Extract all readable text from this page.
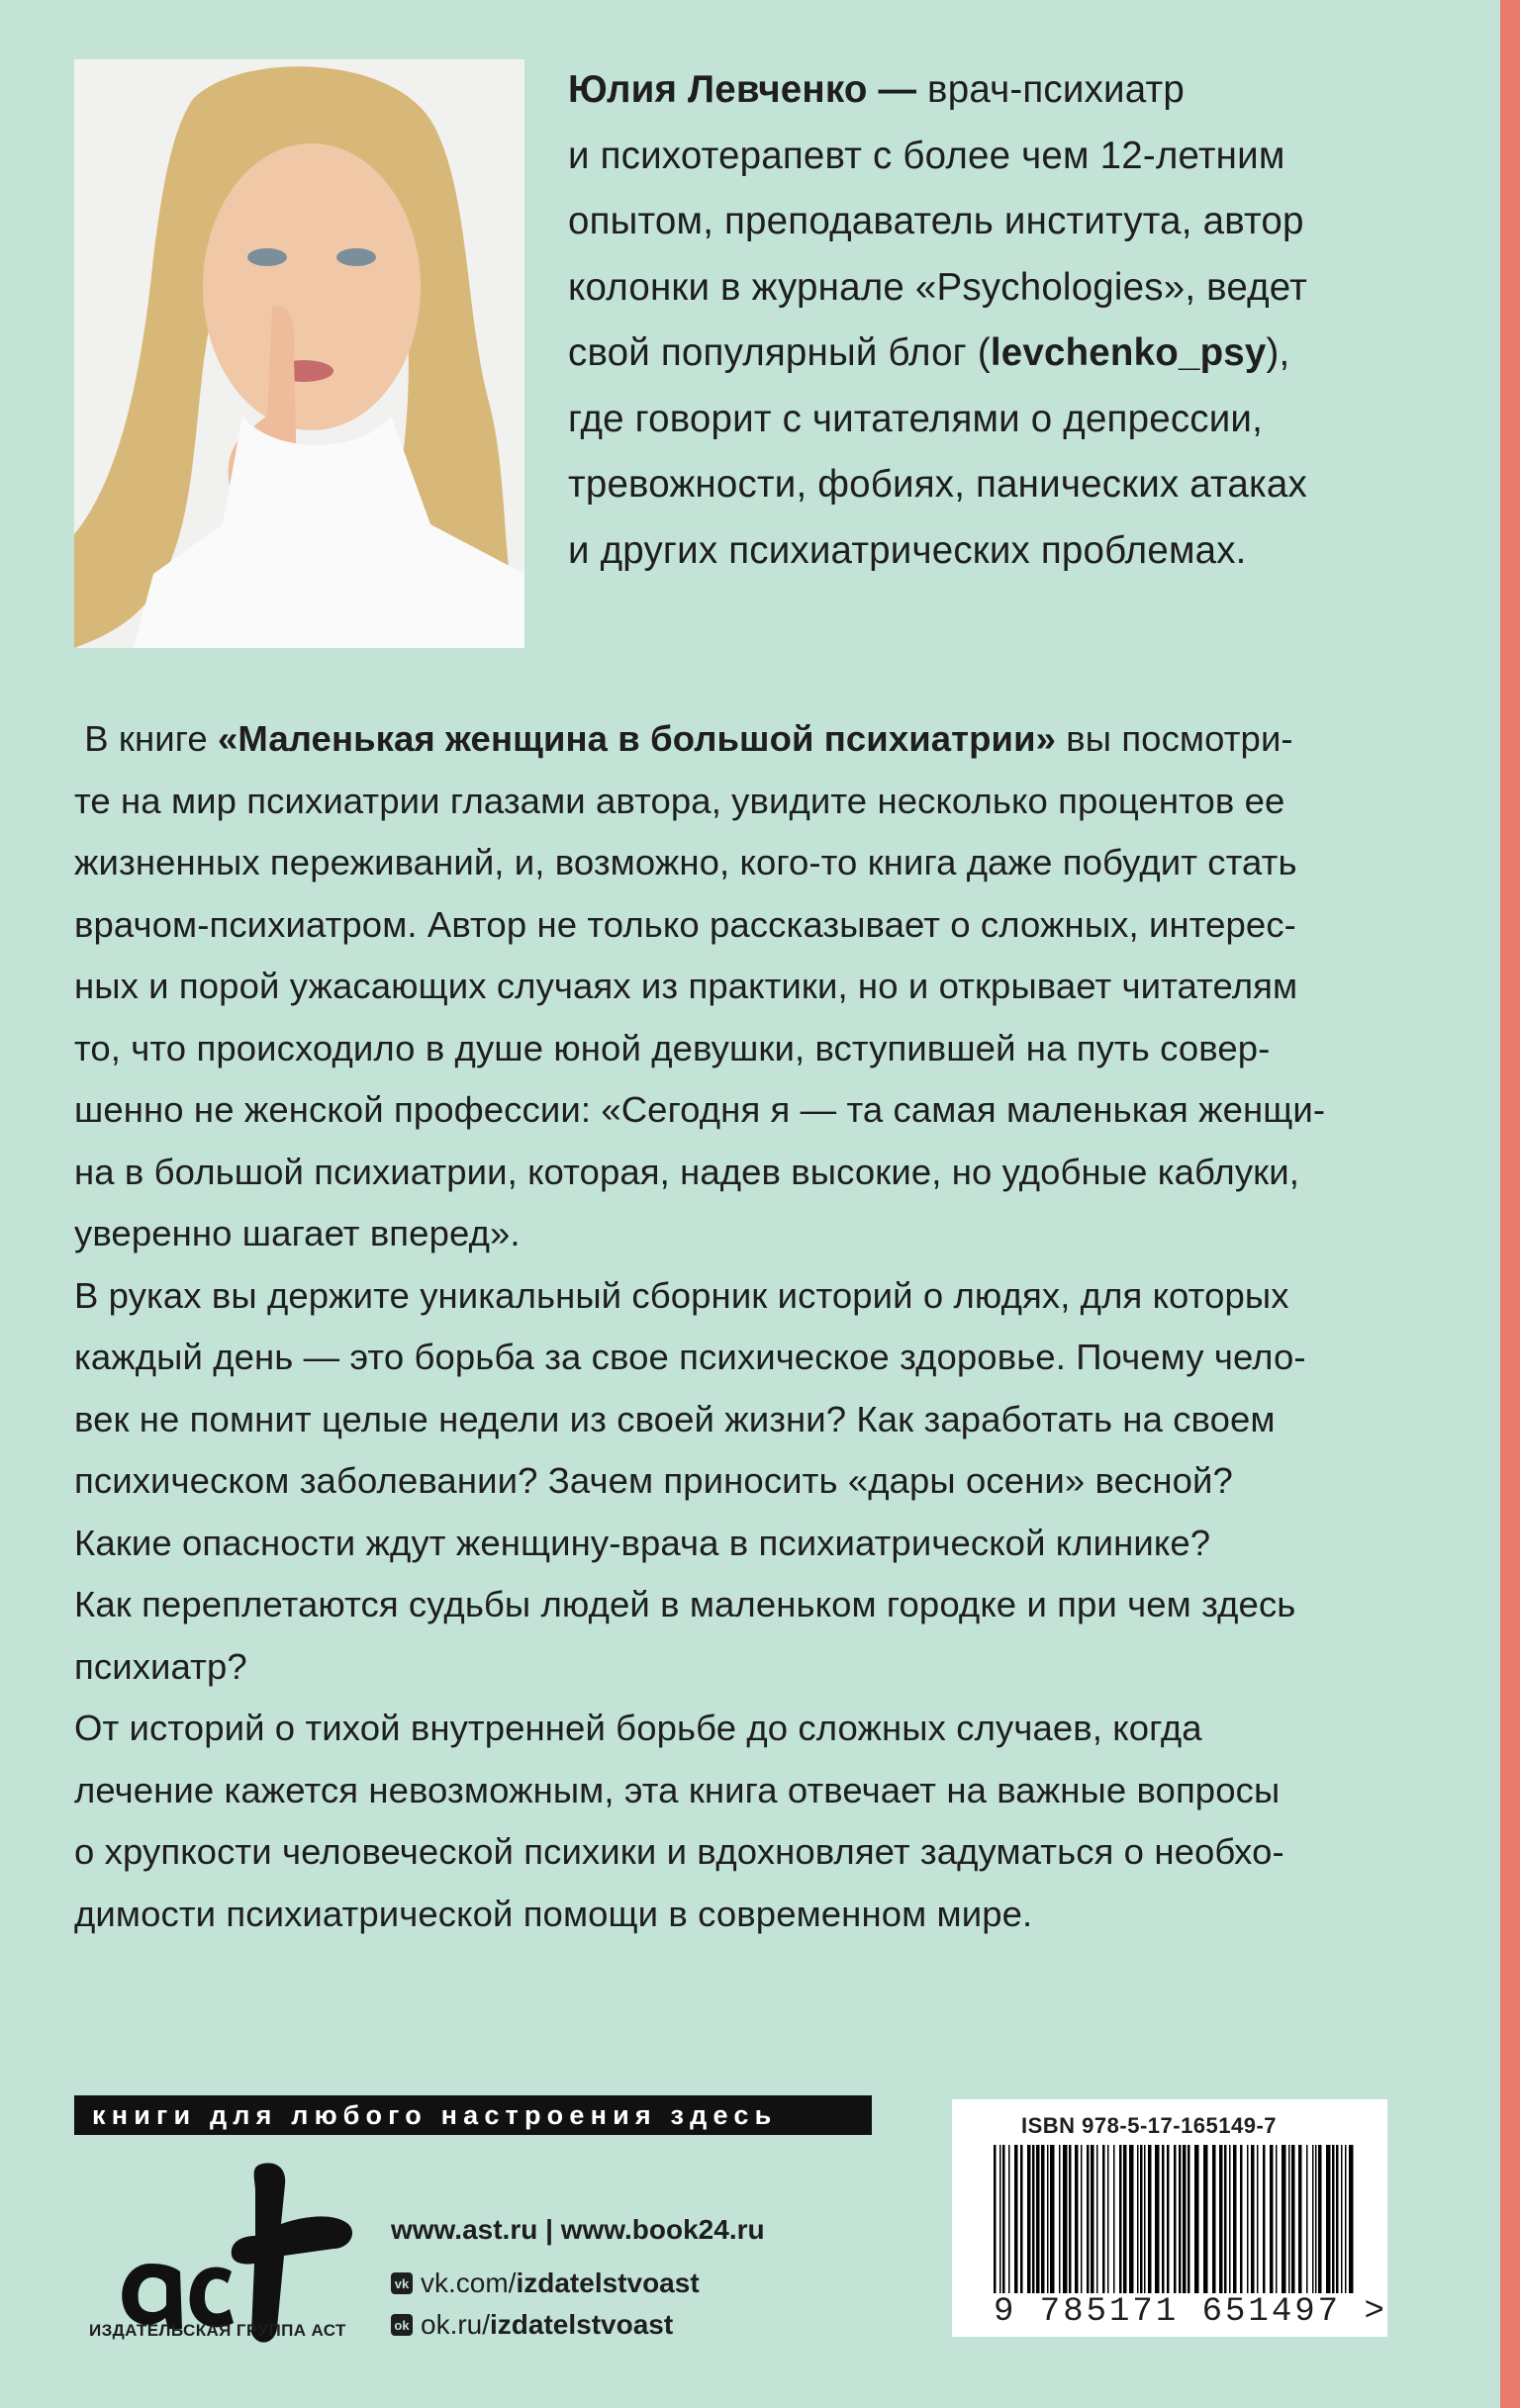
Юлия Левченко — врач-психиатр
и психотерапевт с более чем 12-летним
опытом, преподаватель института, автор
колонки в журнале «Psychologies», ведет
свой популярный блог (levchenko_psy),
где говорит с читателями о депрессии,
тревожности, фобиях, панических атаках
и других психиатрических проблемах.
В книге «Маленькая женщина в большой психиатрии» вы посмотри-
те на мир психиатрии глазами автора, увидите несколько процентов ее
жизненных переживаний, и, возможно, кого-то книга даже побудит стать
врачом-психиатром. Автор не только рассказывает о сложных, интерес-
ных и порой ужасающих случаях из практики, но и открывает читателям
то, что происходило в душе юной девушки, вступившей на путь совер-
шенно не женской профессии: «Сегодня я — та самая маленькая женщи-
на в большой психиатрии, которая, надев высокие, но удобные каблуки,
уверенно шагает вперед».
В руках вы держите уникальный сборник историй о людях, для которых
каждый день — это борьба за свое психическое здоровье. Почему чело-
век не помнит целые недели из своей жизни? Как заработать на своем
психическом заболевании? Зачем приносить «дары осени» весной?
Какие опасности ждут женщину-врача в психиатрической клинике?
Как переплетаются судьбы людей в маленьком городке и при чем здесь
психиатр?
От историй о тихой внутренней борьбе до сложных случаев, когда
лечение кажется невозможным, эта книга отвечает на важные вопросы
о хрупкости человеческой психики и вдохновляет задуматься о необхо-
димости психиатрической помощи в современном мире.
книги для любого настроения здесь
ИЗДАТЕЛЬСКАЯ ГРУППА АСТ
www.ast.ru | www.book24.ru
vk vk.com/ izdatelstvoast
ok ok.ru/ izdatelstvoast
ISBN 978-5-17-165149-7
9 785171 651497 >
